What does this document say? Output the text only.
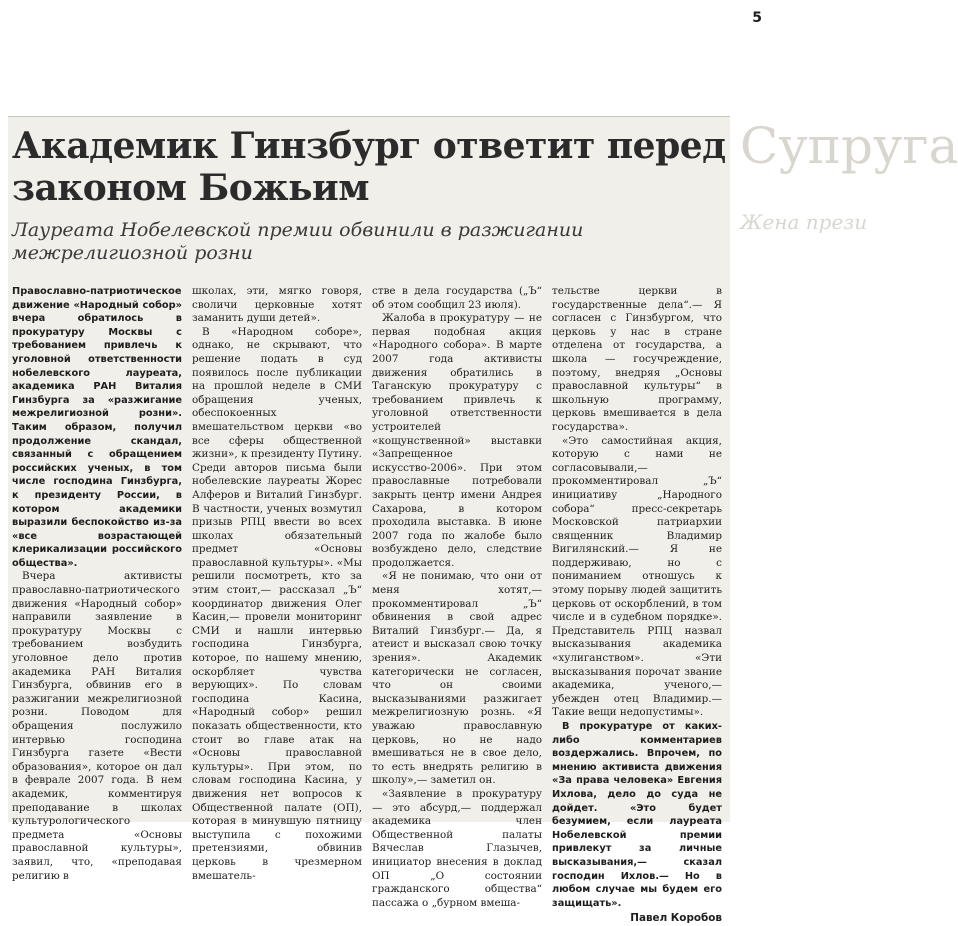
5
Супруга
Жена прези
Академик Гинзбург ответит перед законом Божьим
Лауреата Нобелевской премии обвинили в разжигании межрелигиозной розни

Православно-патриотическое движение «Народный собор» вчера обратилось в прокуратуру Москвы с требованием привлечь к уголовной ответственности нобелевского лауреата, академика РАН Виталия Гинзбурга за «разжигание межрелигиозной розни». Таким образом, получил продолжение скандал, связанный с обращением российских ученых, в том числе господина Гинзбурга, к президенту России, в котором академики выразили беспокойство из-за «все возрастающей клерикализации российского общества».

Вчера активисты православно-патриотического движения «Народный собор» направили заявление в прокуратуру Москвы с требованием возбудить уголовное дело против академика РАН Виталия Гинзбурга, обвинив его в разжигании межрелигиозной розни. Поводом для обращения послужило интервью господина Гинзбурга газете «Вести образования», которое он дал в феврале 2007 года. В нем академик, комментируя преподавание в школах культурологического предмета «Основы православной культуры», заявил, что, «преподавая религию в

школах, эти, мягко говоря, своличи церковные хотят заманить души детей».

В «Народном соборе», однако, не скрывают, что решение подать в суд появилось после публикации на прошлой неделе в СМИ обращения ученых, обеспокоенных вмешательством церкви «во все сферы общественной жизни», к президенту Путину. Среди авторов письма были нобелевские лауреаты Жорес Алферов и Виталий Гинзбург. В частности, ученых возмутил призыв РПЦ ввести во всех школах обязательный предмет «Основы православной культуры». «Мы решили посмотреть, кто за этим стоит,— рассказал „Ъ“ координатор движения Олег Касин,— провели мониторинг СМИ и нашли интервью господина Гинзбурга, которое, по нашему мнению, оскорбляет чувства верующих». По словам господина Касина, «Народный собор» решил показать общественности, кто стоит во главе атак на «Основы православной культуры». При этом, по словам господина Касина, у движения нет вопросов к Общественной палате (ОП), которая в минувшую пятницу выступила с похожими претензиями, обвинив церковь в чрезмерном вмешатель-

стве в дела государства („Ъ“ об этом сообщил 23 июля).

Жалоба в прокуратуру — не первая подобная акция «Народного собора». В марте 2007 года активисты движения обратились в Таганскую прокуратуру с требованием привлечь к уголовной ответственности устроителей «кощунственной» выставки «Запрещенное искусство-2006». При этом православные потребовали закрыть центр имени Андрея Сахарова, в котором проходила выставка. В июне 2007 года по жалобе было возбуждено дело, следствие продолжается.

«Я не понимаю, что они от меня хотят,— прокомментировал „Ъ“ обвинения в свой адрес Виталий Гинзбург.— Да, я атеист и высказал свою точку зрения». Академик категорически не согласен, что он своими высказываниями разжигает межрелигиозную рознь. «Я уважаю православную церковь, но не надо вмешиваться не в свое дело, то есть внедрять религию в школу»,— заметил он.

«Заявление в прокуратуру — это абсурд,— поддержал академика член Общественной палаты Вячеслав Глазычев, инициатор внесения в доклад ОП „О состоянии гражданского общества“ пассажа о „бурном вмеша-

тельстве церкви в государственные дела“.— Я согласен с Гинзбургом, что церковь у нас в стране отделена от государства, а школа — госучреждение, поэтому, внедряя „Основы православной культуры“ в школьную программу, церковь вмешивается в дела государства».

«Это самостийная акция, которую с нами не согласовывали,— прокомментировал „Ъ“ инициативу „Народного собора“ пресс-секретарь Московской патриархии священник Владимир Вигилянский.— Я не поддерживаю, но с пониманием отношусь к этому порыву людей защитить церковь от оскорблений, в том числе и в судебном порядке». Представитель РПЦ назвал высказывания академика «хулиганством». «Эти высказывания порочат звание академика, ученого,— убежден отец Владимир.— Такие вещи недопустимы».

В прокуратуре от каких-либо комментариев воздержались. Впрочем, по мнению активиста движения «За права человека» Евгения Ихлова, дело до суда не дойдет. «Это будет безумием, если лауреата Нобелевской премии привлекут за личные высказывания,— сказал господин Ихлов.— Но в любом случае мы будем его защищать».

Павел Коробов
